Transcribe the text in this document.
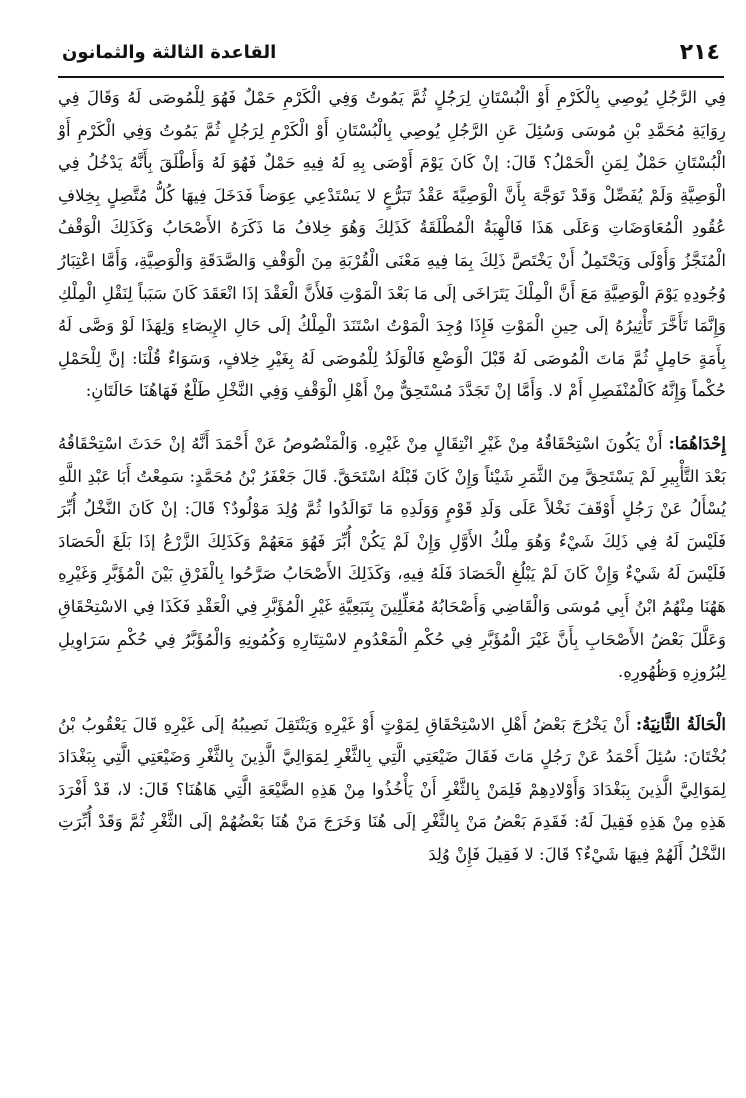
٢١٤
القاعدة الثالثة والثمانون

فِي الرَّجُلِ يُوصِي بِالْكَرْمِ أَوْ الْبُسْتَانِ لِرَجُلٍ ثُمَّ يَمُوتُ وَفِي الْكَرْمِ حَمْلٌ فَهُوَ لِلْمُوصَى لَهُ وَقَالَ فِي رِوَايَةِ مُحَمَّدِ بْنِ مُوسَى وَسُئِلَ عَنِ الرَّجُلِ يُوصِي بِالْبُسْتَانِ أَوْ الْكَرْمِ لِرَجُلٍ ثُمَّ يَمُوتُ وَفِي الْكَرْمِ أَوْ الْبُسْتَانِ حَمْلٌ لِمَنِ الْحَمْلُ؟ قَالَ: إنْ كَانَ يَوْمَ أَوْصَى بِهِ لَهُ فِيهِ حَمْلٌ فَهُوَ لَهُ وَأَطْلَقَ بِأَنَّهُ يَدْخُلُ فِي الْوَصِيَّةِ وَلَمْ يُفَصِّلْ وَقَدْ تَوَجَّهَ بِأَنَّ الْوَصِيَّةَ عَقْدُ تَبَرُّعٍ لا يَسْتَدْعِي عِوَضاً فَدَخَلَ فِيهَا كُلُّ مُتَّصِلٍ بِخِلافِ عُقُودِ الْمُعَاوَضَاتِ وَعَلَى هَذَا فَالْهِبَةُ الْمُطْلَقَةُ كَذَلِكَ وَهُوَ خِلافُ مَا ذَكَرَهُ الأَصْحَابُ وَكَذَلِكَ الْوَقْفُ الْمُنَجَّزُ وَأَوْلَى وَيَحْتَمِلُ أَنْ يَخْتَصَّ ذَلِكَ بِمَا فِيهِ مَعْنَى الْقُرْبَةِ مِنَ الْوَقْفِ وَالصَّدَقَةِ وَالْوَصِيَّةِ، وَأَمَّا اعْتِبَارُ وُجُودِهِ يَوْمَ الْوَصِيَّةِ مَعَ أَنَّ الْمِلْكَ يَتَرَاخَى إلَى مَا بَعْدَ الْمَوْتِ فَلأَنَّ الْعَقْدَ إذَا انْعَقَدَ كَانَ سَبَباً لِنَقْلِ الْمِلْكِ وَإِنَّمَا تَأَخَّرَ تَأْثِيرُهُ إلَى حِينِ الْمَوْتِ فَإِذَا وُجِدَ الْمَوْتُ اسْتَنَدَ الْمِلْكُ إلَى حَالِ الإِيصَاءِ وَلِهَذَا لَوْ وَصَّى لَهُ بِأَمَةٍ حَامِلٍ ثُمَّ مَاتَ الْمُوصَى لَهُ قَبْلَ الْوَضْعِ فَالْوَلَدُ لِلْمُوصَى لَهُ بِغَيْرِ خِلافٍ، وَسَوَاءٌ قُلْنَا: إنَّ لِلْحَمْلِ حُكْماً وَإِنَّهُ كَالْمُنْفَصِلِ أَمْ لا. وَأَمَّا إنْ تَجَدَّدَ مُسْتَحِقٌّ مِنْ أَهْلِ الْوَقْفِ وَفِي النَّخْلِ طَلْعٌ فَهَاهُنَا حَالَتَانِ:

إِحْدَاهُمَا: أَنْ يَكُونَ اسْتِحْقَاقُهُ مِنْ غَيْرِ انْتِقَالٍ مِنْ غَيْرِهِ. وَالْمَنْصُوصُ عَنْ أَحْمَدَ أَنَّهُ إنْ حَدَثَ اسْتِحْقَاقُهُ بَعْدَ التَّأْبِيرِ لَمْ يَسْتَحِقَّ مِنَ الثَّمَرِ شَيْئاً وَإِنْ كَانَ قَبْلَهُ اسْتَحَقَّ. قَالَ جَعْفَرُ بْنُ مُحَمَّدٍ: سَمِعْتُ أَبَا عَبْدِ اللَّهِ يُسْأَلُ عَنْ رَجُلٍ أَوْقَفَ نَخْلاً عَلَى وَلَدِ قَوْمٍ وَوَلَدِهِ مَا تَوَالَدُوا ثُمَّ وُلِدَ مَوْلُودٌ؟ قَالَ: إنْ كَانَ النَّخْلُ أُبِّرَ فَلَيْسَ لَهُ فِي ذَلِكَ شَيْءٌ وَهُوَ مِلْكُ الأَوَّلِ وَإِنْ لَمْ يَكُنْ أُبِّرَ فَهُوَ مَعَهُمْ وَكَذَلِكَ الزَّرْعُ إذَا بَلَغَ الْحَصَادَ فَلَيْسَ لَهُ شَيْءٌ وَإِنْ كَانَ لَمْ يَبْلُغِ الْحَصَادَ فَلَهُ فِيهِ، وَكَذَلِكَ الأَصْحَابُ صَرَّحُوا بِالْفَرْقِ بَيْنَ الْمُؤَبَّرِ وَغَيْرِهِ هَهُنَا مِنْهُمُ ابْنُ أَبِي مُوسَى وَالْقَاضِي وَأَصْحَابُهُ مُعَلِّلِينَ بِتَبَعِيَّةِ غَيْرِ الْمُؤَبَّرِ فِي الْعَقْدِ فَكَذَا فِي الاسْتِحْقَاقِ وَعَلَّلَ بَعْضُ الأَصْحَابِ بِأَنَّ غَيْرَ الْمُؤَبَّرِ فِي حُكْمِ الْمَعْدُومِ لاسْتِتَارِهِ وَكُمُونِهِ وَالْمُؤَبَّرُ فِي حُكْمِ سَرَاوِيلِ لِبُرُوزِهِ وَظُهُورِهِ.

الْحَالَةُ الثَّانِيَةُ: أَنْ يَخْرُجَ بَعْضُ أَهْلِ الاسْتِحْقَاقِ لِمَوْتٍ أَوْ غَيْرِهِ وَيَنْتَقِلَ نَصِيبُهُ إلَى غَيْرِهِ قَالَ يَعْقُوبُ بْنُ بُخْتَانَ: سُئِلَ أَحْمَدُ عَنْ رَجُلٍ مَاتَ فَقَالَ ضَيْعَتِي الَّتِي بِالثَّغْرِ لِمَوَالِيَّ الَّذِينَ بِالثَّغْرِ وَضَيْعَتِي الَّتِي بِبَغْدَادَ لِمَوَالِيَّ الَّذِينَ بِبَغْدَادَ وَأَوْلادِهِمْ فَلِمَنْ بِالثَّغْرِ أَنْ يَأْخُذُوا مِنْ هَذِهِ الضَّيْعَةِ الَّتِي هَاهُنَا؟ قَالَ: لا، قَدْ أَفْرَدَ هَذِهِ مِنْ هَذِهِ فَقِيلَ لَهُ: فَقَدِمَ بَعْضُ مَنْ بِالثَّغْرِ إلَى هُنَا وَخَرَجَ مَنْ هُنَا بَعْضُهُمْ إلَى الثَّغْرِ ثُمَّ وَقَدْ أُبِّرَتِ النَّخْلُ أَلَهُمْ فِيهَا شَيْءٌ؟ قَالَ: لا فَقِيلَ فَإِنْ وُلِدَ
